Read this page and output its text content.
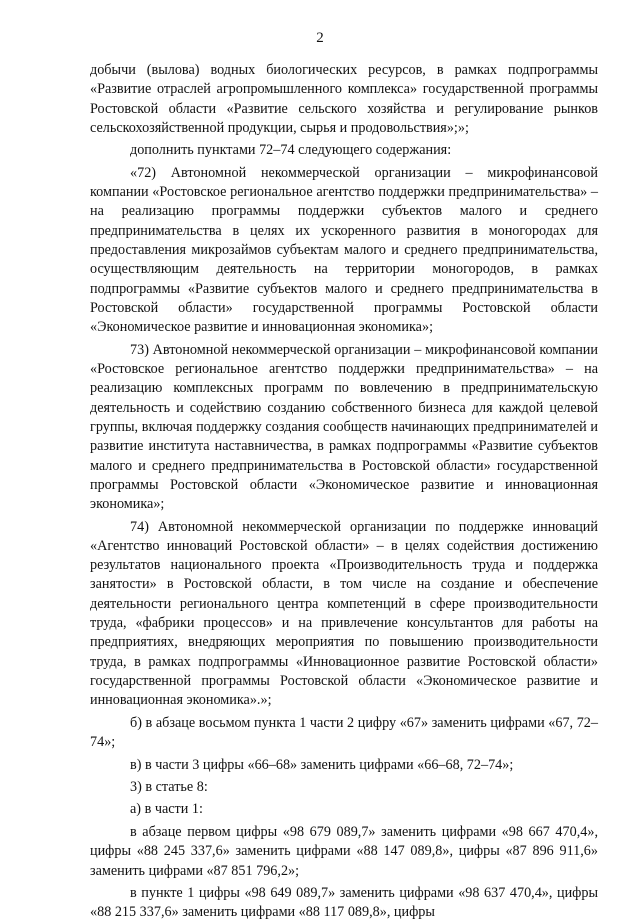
2

добычи (вылова) водных биологических ресурсов, в рамках подпрограммы «Развитие отраслей агропромышленного комплекса» государственной программы Ростовской области «Развитие сельского хозяйства и регулирование рынков сельскохозяйственной продукции, сырья и продовольствия»;»;

дополнить пунктами 72–74 следующего содержания:

«72) Автономной некоммерческой организации – микрофинансовой компании «Ростовское региональное агентство поддержки предпринимательства» – на реализацию программы поддержки субъектов малого и среднего предпринимательства в целях их ускоренного развития в моногородах для предоставления микрозаймов субъектам малого и среднего предпринимательства, осуществляющим деятельность на территории моногородов, в рамках подпрограммы «Развитие субъектов малого и среднего предпринимательства в Ростовской области» государственной программы Ростовской области «Экономическое развитие и инновационная экономика»;

73) Автономной некоммерческой организации – микрофинансовой компании «Ростовское региональное агентство поддержки предпринимательства» – на реализацию комплексных программ по вовлечению в предпринимательскую деятельность и содействию созданию собственного бизнеса для каждой целевой группы, включая поддержку создания сообществ начинающих предпринимателей и развитие института наставничества, в рамках подпрограммы «Развитие субъектов малого и среднего предпринимательства в Ростовской области» государственной программы Ростовской области «Экономическое развитие и инновационная экономика»;

74) Автономной некоммерческой организации по поддержке инноваций «Агентство инноваций Ростовской области» – в целях содействия достижению результатов национального проекта «Производительность труда и поддержка занятости» в Ростовской области, в том числе на создание и обеспечение деятельности регионального центра компетенций в сфере производительности труда, «фабрики процессов» и на привлечение консультантов для работы на предприятиях, внедряющих мероприятия по повышению производительности труда, в рамках подпрограммы «Инновационное развитие Ростовской области» государственной программы Ростовской области «Экономическое развитие и инновационная экономика».»;

б) в абзаце восьмом пункта 1 части 2 цифру «67» заменить цифрами «67, 72–74»;

в) в части 3 цифры «66–68» заменить цифрами «66–68, 72–74»;

3) в статье 8:

а) в части 1:

в абзаце первом цифры «98 679 089,7» заменить цифрами «98 667 470,4», цифры «88 245 337,6» заменить цифрами «88 147 089,8», цифры «87 896 911,6» заменить цифрами «87 851 796,2»;

в пункте 1 цифры «98 649 089,7» заменить цифрами «98 637 470,4», цифры «88 215 337,6» заменить цифрами «88 117 089,8», цифры
